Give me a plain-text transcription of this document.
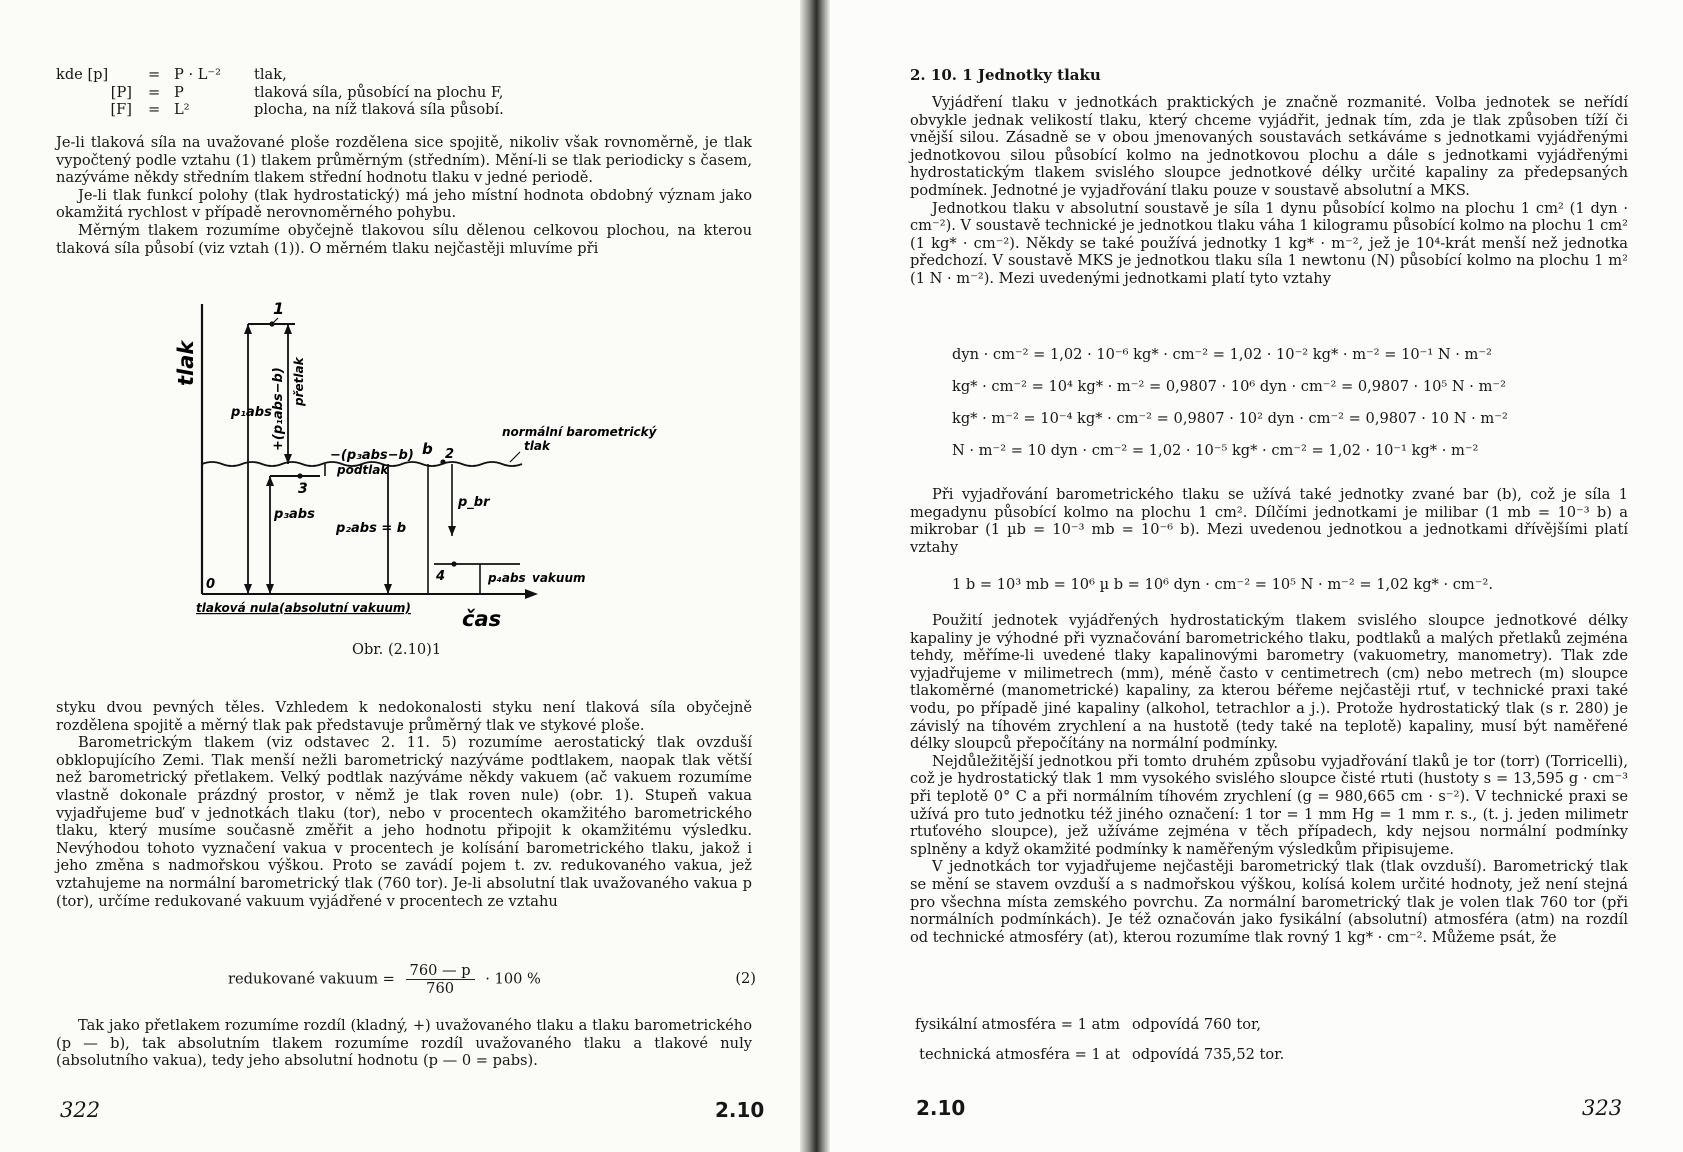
kde [p]	= P · L⁻²	tlak,
[P] = P	tlaková síla, působící na plochu F,
[F] = L²	plocha, na níž tlaková síla působí.

Je-li tlaková síla na uvažované ploše rozdělena sice spojitě, nikoliv však rovnoměrně, je tlak vypočtený podle vztahu (1) tlakem průměrným (středním). Mění-li se tlak periodicky s časem, nazýváme někdy středním tlakem střední hodnotu tlaku v jedné periodě.

Je-li tlak funkcí polohy (tlak hydrostatický) má jeho místní hodnota obdobný význam jako okamžitá rychlost v případě nerovnoměrného pohybu.

Měrným tlakem rozumíme obyčejně tlakovou sílu dělenou celkovou plochou, na kterou tlaková síla působí (viz vztah (1)). O měrném tlaku nejčastěji mluvíme při

tlak
čas
normální barometrický
tlak
1
p₁abs +(p₁abs−b) přetlak
3
p₃abs
−(p₃abs−b)
podtlak
p₂abs = b
b 2
p_br
4	p₄abs vakuum
0
tlaková nula(absolutní vakuum)
Obr. (2.10)1

styku dvou pevných těles. Vzhledem k nedokonalosti styku není tlaková síla obyčejně rozdělena spojitě a měrný tlak pak představuje průměrný tlak ve stykové ploše.

Barometrickým tlakem (viz odstavec 2. 11. 5) rozumíme aerostatický tlak ovzduší obklopujícího Zemi. Tlak menší nežli barometrický nazýváme podtlakem, naopak tlak větší než barometrický přetlakem. Velký podtlak nazýváme někdy vakuem (ač vakuem rozumíme vlastně dokonale prázdný prostor, v němž je tlak roven nule) (obr. 1). Stupeň vakua vyjadřujeme buď v jednotkách tlaku (tor), nebo v procentech okamžitého barometrického tlaku, který musíme současně změřit a jeho hodnotu připojit k okamžitému výsledku. Nevýhodou tohoto vyznačení vakua v procentech je kolísání barometrického tlaku, jakož i jeho změna s nadmořskou výškou. Proto se zavádí pojem t. zv. redukovaného vakua, jež vztahujeme na normální barometrický tlak (760 tor). Je-li absolutní tlak uvažovaného vakua p (tor), určíme redukované vakuum vyjádřené v procentech ze vztahu

redukované vakuum = $\frac{760 — p}{760} \cdot 100$ %	(2)

Tak jako přetlakem rozumíme rozdíl (kladný, +) uvažovaného tlaku a tlaku barometrického (p — b), tak absolutním tlakem rozumíme rozdíl uvažovaného tlaku a tlakové nuly (absolutního vakua), tedy jeho absolutní hodnotu (p — 0 = pabs).

322	2.10
2. 10. 1 Jednotky tlaku

Vyjádření tlaku v jednotkách praktických je značně rozmanité. Volba jednotek se neřídí obvykle jednak velikostí tlaku, který chceme vyjádřit, jednak tím, zda je tlak způsoben tíží či vnější silou. Zásadně se v obou jmenovaných soustavách setkáváme s jednotkami vyjádřenými jednotkovou silou působící kolmo na jednotkovou plochu a dále s jednotkami vyjádřenými hydrostatickým tlakem svislého sloupce jednotkové délky určité kapaliny za předepsaných podmínek. Jednotné je vyjadřování tlaku pouze v soustavě absolutní a MKS.

Jednotkou tlaku v absolutní soustavě je síla 1 dynu působící kolmo na plochu 1 cm² (1 dyn · cm⁻²). V soustavě technické je jednotkou tlaku váha 1 kilogramu působící kolmo na plochu 1 cm² (1 kg* · cm⁻²). Někdy se také používá jednotky 1 kg* · m⁻², jež je 10⁴-krát menší než jednotka předchozí. V soustavě MKS je jednotkou tlaku síla 1 newtonu (N) působící kolmo na plochu 1 m² (1 N · m⁻²). Mezi uvedenými jednotkami platí tyto vztahy

dyn · cm⁻² = 1,02 · 10⁻⁶ kg* · cm⁻² = 1,02 · 10⁻² kg* · m⁻² = 10⁻¹ N · m⁻²
kg* · cm⁻² = 10⁴ kg* · m⁻² = 0,9807 · 10⁶ dyn · cm⁻² = 0,9807 · 10⁵ N · m⁻²
kg* · m⁻² = 10⁻⁴ kg* · cm⁻² = 0,9807 · 10² dyn · cm⁻² = 0,9807 · 10 N · m⁻²
N · m⁻² = 10 dyn · cm⁻² = 1,02 · 10⁻⁵ kg* · cm⁻² = 1,02 · 10⁻¹ kg* · m⁻²

Při vyjadřování barometrického tlaku se užívá také jednotky zvané bar (b), což je síla 1 megadynu působící kolmo na plochu 1 cm². Dílčími jednotkami je milibar (1 mb = 10⁻³ b) a mikrobar (1 µb = 10⁻³ mb = 10⁻⁶ b). Mezi uvedenou jednotkou a jednotkami dřívějšími platí vztahy

1 b = 10³ mb = 10⁶ µ b = 10⁶ dyn · cm⁻² = 10⁵ N · m⁻² = 1,02 kg* · cm⁻².

Použití jednotek vyjádřených hydrostatickým tlakem svislého sloupce jednotkové délky kapaliny je výhodné při vyznačování barometrického tlaku, podtlaků a malých přetlaků zejména tehdy, měříme-li uvedené tlaky kapalinovými barometry (vakuometry, manometry). Tlak zde vyjadřujeme v milimetrech (mm), méně často v centimetrech (cm) nebo metrech (m) sloupce tlakoměrné (manometrické) kapaliny, za kterou béřeme nejčastěji rtuť, v technické praxi také vodu, po případě jiné kapaliny (alkohol, tetrachlor a j.). Protože hydrostatický tlak (s r. 280) je závislý na tíhovém zrychlení a na hustotě (tedy také na teplotě) kapaliny, musí být naměřené délky sloupců přepočítány na normální podmínky.

Nejdůležitější jednotkou při tomto druhém způsobu vyjadřování tlaků je tor (torr) (Torricelli), což je hydrostatický tlak 1 mm vysokého svislého sloupce čisté rtuti (hustoty s = 13,595 g · cm⁻³ při teplotě 0° C a při normálním tíhovém zrychlení (g = 980,665 cm · s⁻²). V technické praxi se užívá pro tuto jednotku též jiného označení: 1 tor = 1 mm Hg = 1 mm r. s., (t. j. jeden milimetr rtuťového sloupce), jež užíváme zejména v těch případech, kdy nejsou normální podmínky splněny a když okamžité podmínky k naměřeným výsledkům připisujeme.

V jednotkách tor vyjadřujeme nejčastěji barometrický tlak (tlak ovzduší). Barometrický tlak se mění se stavem ovzduší a s nadmořskou výškou, kolísá kolem určité hodnoty, jež není stejná pro všechna místa zemského povrchu. Za normální barometrický tlak je volen tlak 760 tor (při normálních podmínkách). Je též označován jako fysikální (absolutní) atmosféra (atm) na rozdíl od technické atmosféry (at), kterou rozumíme tlak rovný 1 kg* · cm⁻². Můžeme psát, že

fysikální atmosféra = 1 atm odpovídá 760 tor,
technická atmosféra = 1 at odpovídá 735,52 tor.
2.10	323
